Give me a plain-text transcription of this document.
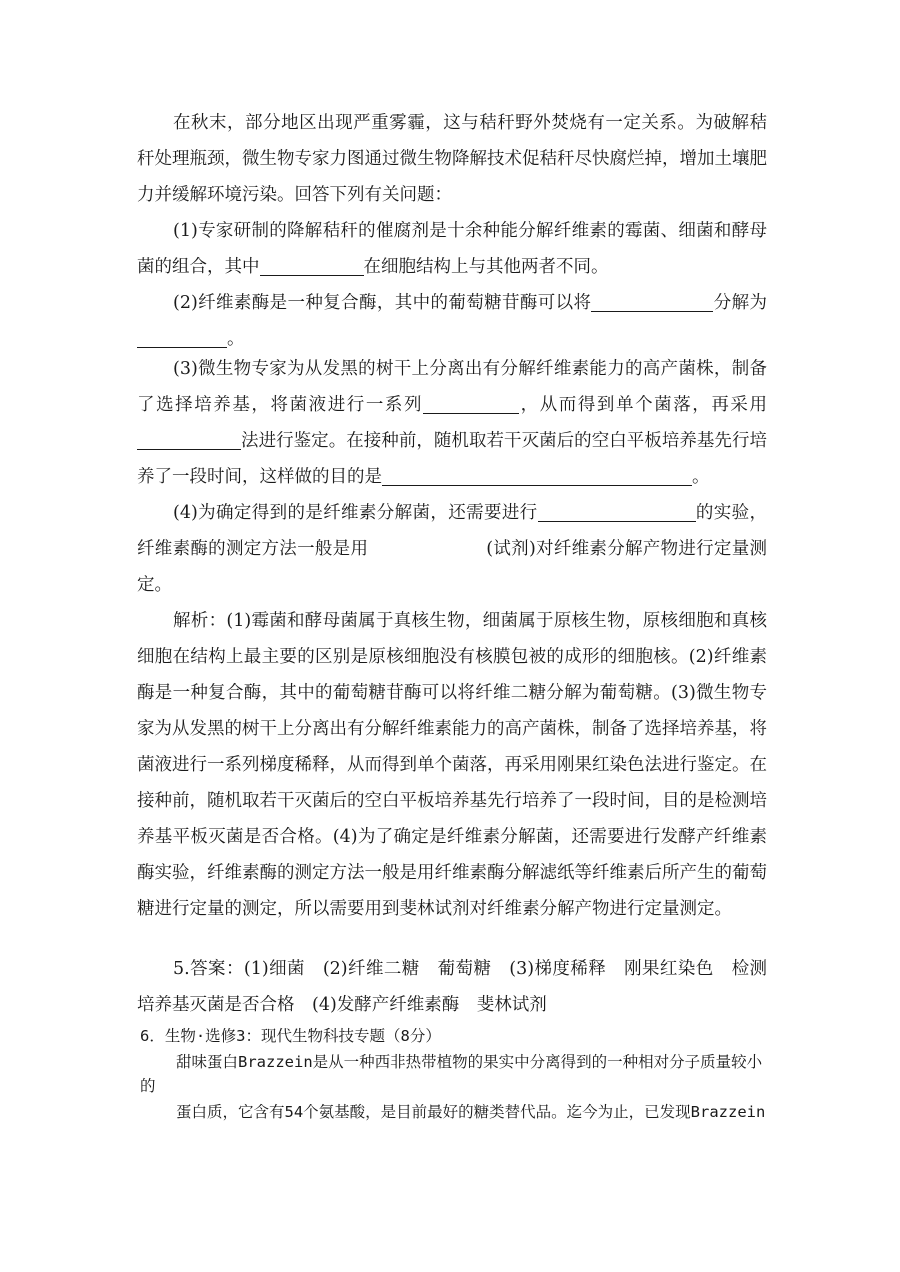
在秋末，部分地区出现严重雾霾，这与秸秆野外焚烧有一定关系。为破解秸秆处理瓶颈，微生物专家力图通过微生物降解技术促秸秆尽快腐烂掉，增加土壤肥力并缓解环境污染。回答下列有关问题：

(1)专家研制的降解秸秆的催腐剂是十余种能分解纤维素的霉菌、细菌和酵母菌的组合，其中	在细胞结构上与其他两者不同。

(2)纤维素酶是一种复合酶，其中的葡萄糖苷酶可以将	分解为。

(3)微生物专家为从发黑的树干上分离出有分解纤维素能力的高产菌株，制备了选择培养基，将菌液进行一系列	，从而得到单个菌落，再采用法进行鉴定。在接种前，随机取若干灭菌后的空白平板培养基先行培养了一段时间，这样做的目的是	。

(4)为确定得到的是纤维素分解菌，还需要进行	的实验，纤维素酶的测定方法一般是用	(试剂)对纤维素分解产物进行定量测定。

解析：(1)霉菌和酵母菌属于真核生物，细菌属于原核生物，原核细胞和真核细胞在结构上最主要的区别是原核细胞没有核膜包被的成形的细胞核。(2)纤维素酶是一种复合酶，其中的葡萄糖苷酶可以将纤维二糖分解为葡萄糖。(3)微生物专家为从发黑的树干上分离出有分解纤维素能力的高产菌株，制备了选择培养基，将菌液进行一系列梯度稀释，从而得到单个菌落，再采用刚果红染色法进行鉴定。在接种前，随机取若干灭菌后的空白平板培养基先行培养了一段时间，目的是检测培养基平板灭菌是否合格。(4)为了确定是纤维素分解菌，还需要进行发酵产纤维素酶实验，纤维素酶的测定方法一般是用纤维素酶分解滤纸等纤维素后所产生的葡萄糖进行定量的测定，所以需要用到斐林试剂对纤维素分解产物进行定量测定。

5.答案：(1)细菌　(2)纤维二糖　葡萄糖　(3)梯度稀释　刚果红染色　检测培养基灭菌是否合格　(4)发酵产纤维素酶　斐林试剂

6．生物·选修3：现代生物科技专题（8分）

甜味蛋白Brazzein是从一种西非热带植物的果实中分离得到的一种相对分子质量较小的

蛋白质，它含有54个氨基酸，是目前最好的糖类替代品。迄今为止，已发现Brazzein
